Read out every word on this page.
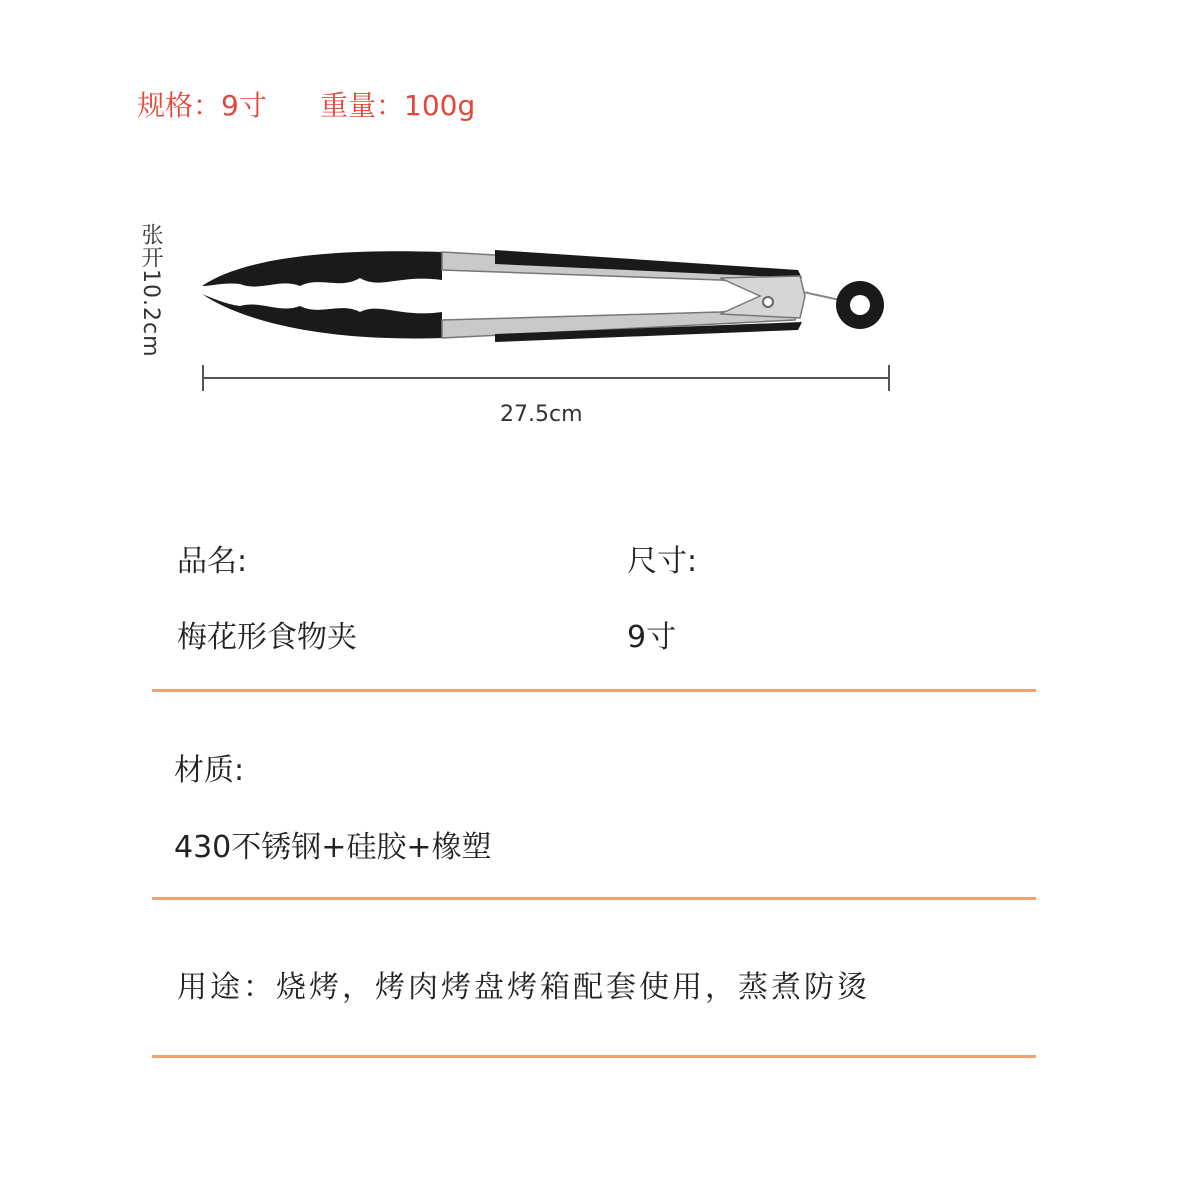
规格：9寸 重量：100g
张开10.2cm
27.5cm
品名:	尺寸:
梅花形食物夹	9寸
材质:
430不锈钢+硅胶+橡塑
用途：烧烤，烤肉烤盘烤箱配套使用，蒸煮防烫
